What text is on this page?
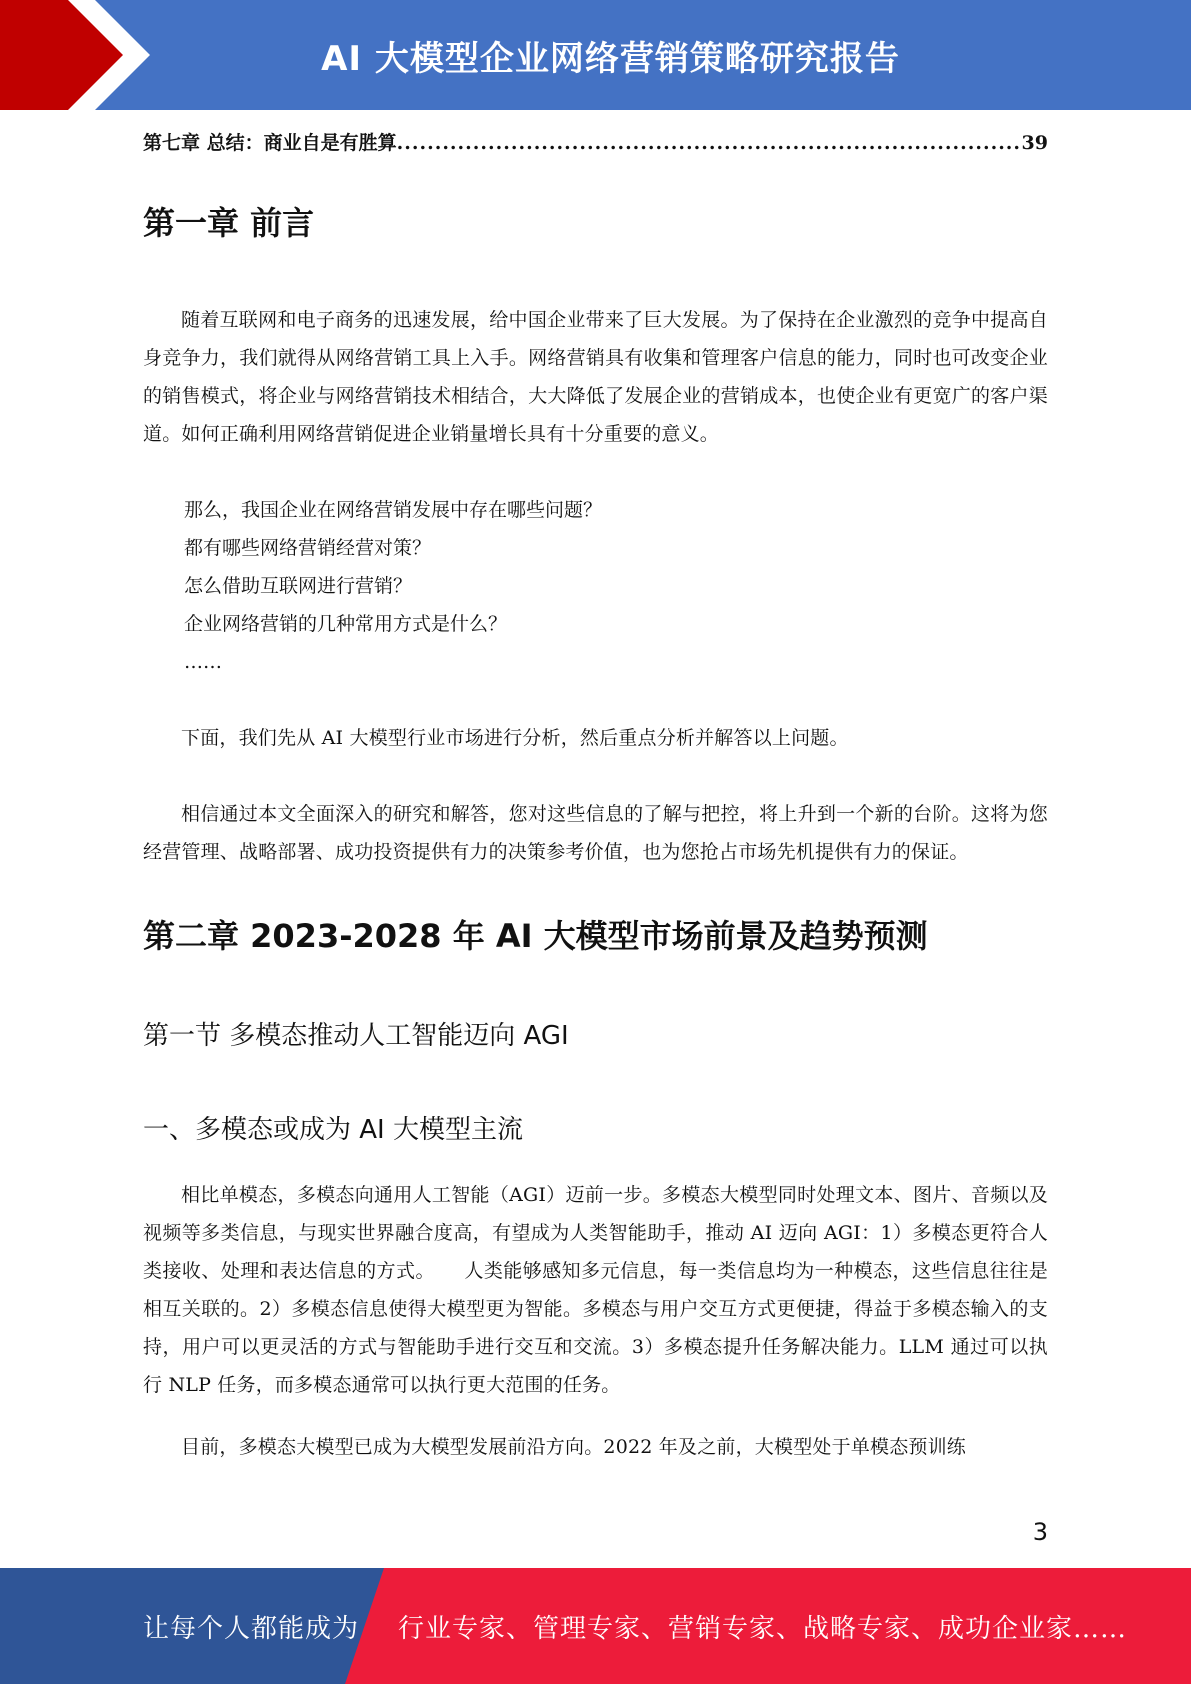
AI 大模型企业网络营销策略研究报告
第七章 总结：商业自是有胜算
.....	39
第一章 前言

随着互联网和电子商务的迅速发展，给中国企业带来了巨大发展。为了保持在企业激烈的竞争中提高自身竞争力，我们就得从网络营销工具上入手。网络营销具有收集和管理客户信息的能力，同时也可改变企业的销售模式，将企业与网络营销技术相结合，大大降低了发展企业的营销成本，也使企业有更宽广的客户渠道。如何正确利用网络营销促进企业销量增长具有十分重要的意义。

那么，我国企业在网络营销发展中存在哪些问题？
都有哪些网络营销经营对策？
怎么借助互联网进行营销？
企业网络营销的几种常用方式是什么？
……

下面，我们先从 AI 大模型行业市场进行分析，然后重点分析并解答以上问题。

相信通过本文全面深入的研究和解答，您对这些信息的了解与把控，将上升到一个新的台阶。这将为您经营管理、战略部署、成功投资提供有力的决策参考价值，也为您抢占市场先机提供有力的保证。

第二章 2023-2028 年 AI 大模型市场前景及趋势预测
第一节 多模态推动人工智能迈向 AGI
一、多模态或成为 AI 大模型主流

相比单模态，多模态向通用人工智能（AGI）迈前一步。多模态大模型同时处理文本、图片、音频以及视频等多类信息，与现实世界融合度高，有望成为人类智能助手，推动 AI 迈向 AGI：1）多模态更符合人类接收、处理和表达信息的方式。　　人类能够感知多元信息，每一类信息均为一种模态，这些信息往往是相互关联的。2）多模态信息使得大模型更为智能。多模态与用户交互方式更便捷，得益于多模态输入的支持，用户可以更灵活的方式与智能助手进行交互和交流。3）多模态提升任务解决能力。LLM 通过可以执行 NLP 任务，而多模态通常可以执行更大范围的任务。

目前，多模态大模型已成为大模型发展前沿方向。2022 年及之前，大模型处于单模态预训练

3
让每个人都能成为 行业专家、管理专家、营销专家、战略专家、成功企业家……
